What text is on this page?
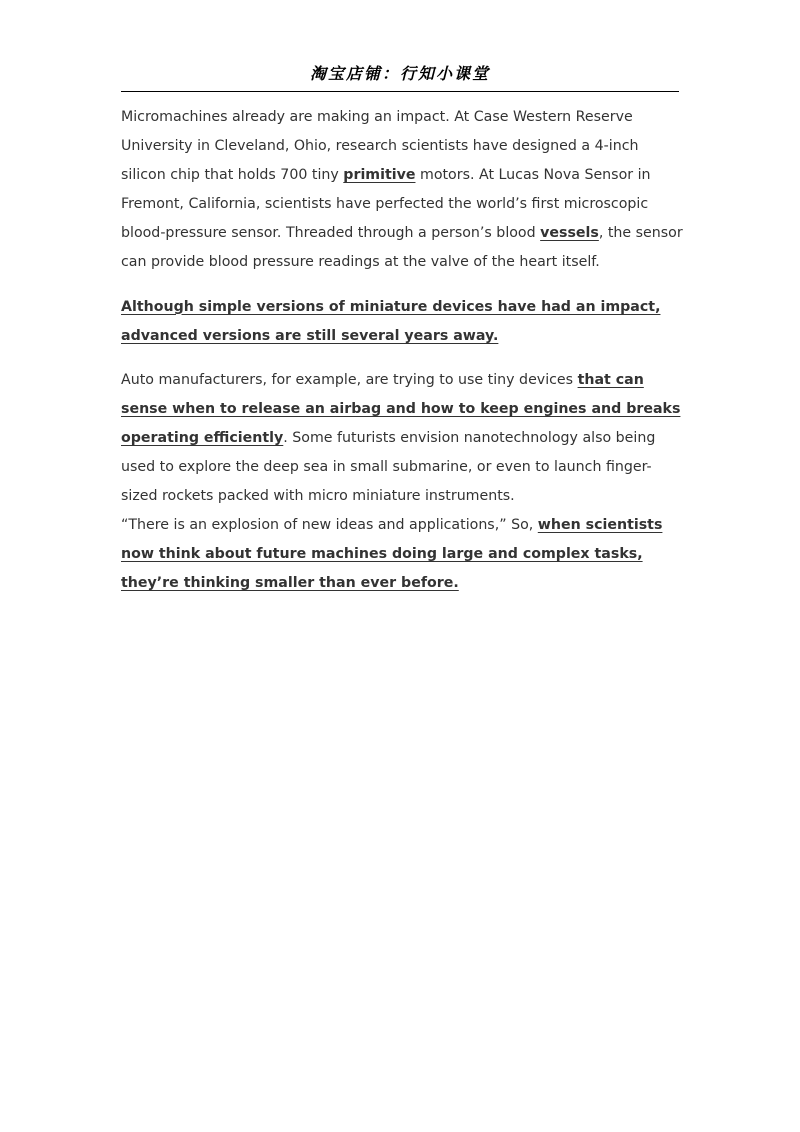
淘宝店铺：行知小课堂

Micromachines already are making an impact. At Case Western Reserve University in Cleveland, Ohio, research scientists have designed a 4-inch silicon chip that holds 700 tiny primitive motors. At Lucas Nova Sensor in Fremont, California, scientists have perfected the world’s first microscopic blood-pressure sensor. Threaded through a person’s blood vessels, the sensor can provide blood pressure readings at the valve of the heart itself.

Although simple versions of miniature devices have had an impact, advanced versions are still several years away.

Auto manufacturers, for example, are trying to use tiny devices that can sense when to release an airbag and how to keep engines and breaks operating efficiently. Some futurists envision nanotechnology also being used to explore the deep sea in small submarine, or even to launch finger-sized rockets packed with micro miniature instruments.

“There is an explosion of new ideas and applications,” So, when scientists now think about future machines doing large and complex tasks, they’re thinking smaller than ever before.
